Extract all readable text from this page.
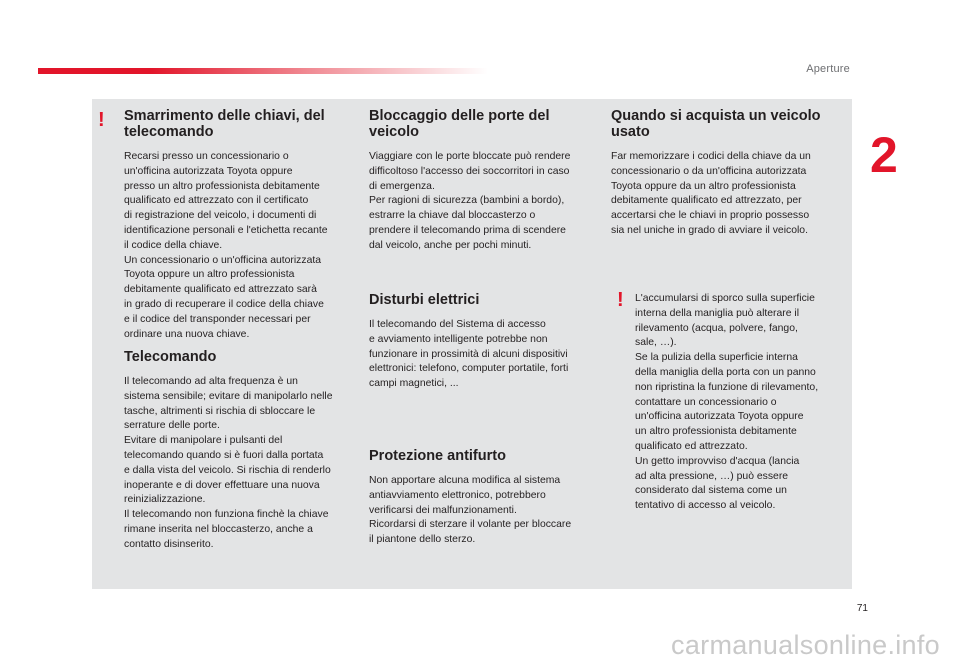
Aperture
2
! Smarrimento delle chiavi, del
telecomando

Recarsi presso un concessionario o
un'officina autorizzata Toyota oppure
presso un altro professionista debitamente
qualificato ed attrezzato con il certificato
di registrazione del veicolo, i documenti di
identificazione personali e l'etichetta recante
il codice della chiave.
Un concessionario o un'officina autorizzata
Toyota oppure un altro professionista
debitamente qualificato ed attrezzato sarà
in grado di recuperare il codice della chiave
e il codice del transponder necessari per
ordinare una nuova chiave.

Telecomando

Il telecomando ad alta frequenza è un
sistema sensibile; evitare di manipolarlo nelle
tasche, altrimenti si rischia di sbloccare le
serrature delle porte.
Evitare di manipolare i pulsanti del
telecomando quando si è fuori dalla portata
e dalla vista del veicolo. Si rischia di renderlo
inoperante e di dover effettuare una nuova
reinizializzazione.
Il telecomando non funziona finchè la chiave
rimane inserita nel bloccasterzo, anche a
contatto disinserito.

Bloccaggio delle porte del
veicolo

Viaggiare con le porte bloccate può rendere
difficoltoso l'accesso dei soccorritori in caso
di emergenza.
Per ragioni di sicurezza (bambini a bordo),
estrarre la chiave dal bloccasterzo o
prendere il telecomando prima di scendere
dal veicolo, anche per pochi minuti.

Disturbi elettrici

Il telecomando del Sistema di accesso
e avviamento intelligente potrebbe non
funzionare in prossimità di alcuni dispositivi
elettronici: telefono, computer portatile, forti
campi magnetici, ...

Protezione antifurto

Non apportare alcuna modifica al sistema
antiavviamento elettronico, potrebbero
verificarsi dei malfunzionamenti.
Ricordarsi di sterzare il volante per bloccare
il piantone dello sterzo.

Quando si acquista un veicolo
usato

Far memorizzare i codici della chiave da un
concessionario o da un'officina autorizzata
Toyota oppure da un altro professionista
debitamente qualificato ed attrezzato, per
accertarsi che le chiavi in proprio possesso
sia nel uniche in grado di avviare il veicolo.

! L'accumularsi di sporco sulla superficie
interna della maniglia può alterare il
rilevamento (acqua, polvere, fango,
sale, …).
Se la pulizia della superficie interna
della maniglia della porta con un panno
non ripristina la funzione di rilevamento,
contattare un concessionario o
un'officina autorizzata Toyota oppure
un altro professionista debitamente
qualificato ed attrezzato.
Un getto improvviso d'acqua (lancia
ad alta pressione, …) può essere
considerato dal sistema come un
tentativo di accesso al veicolo.

71
carmanualsonline.info
